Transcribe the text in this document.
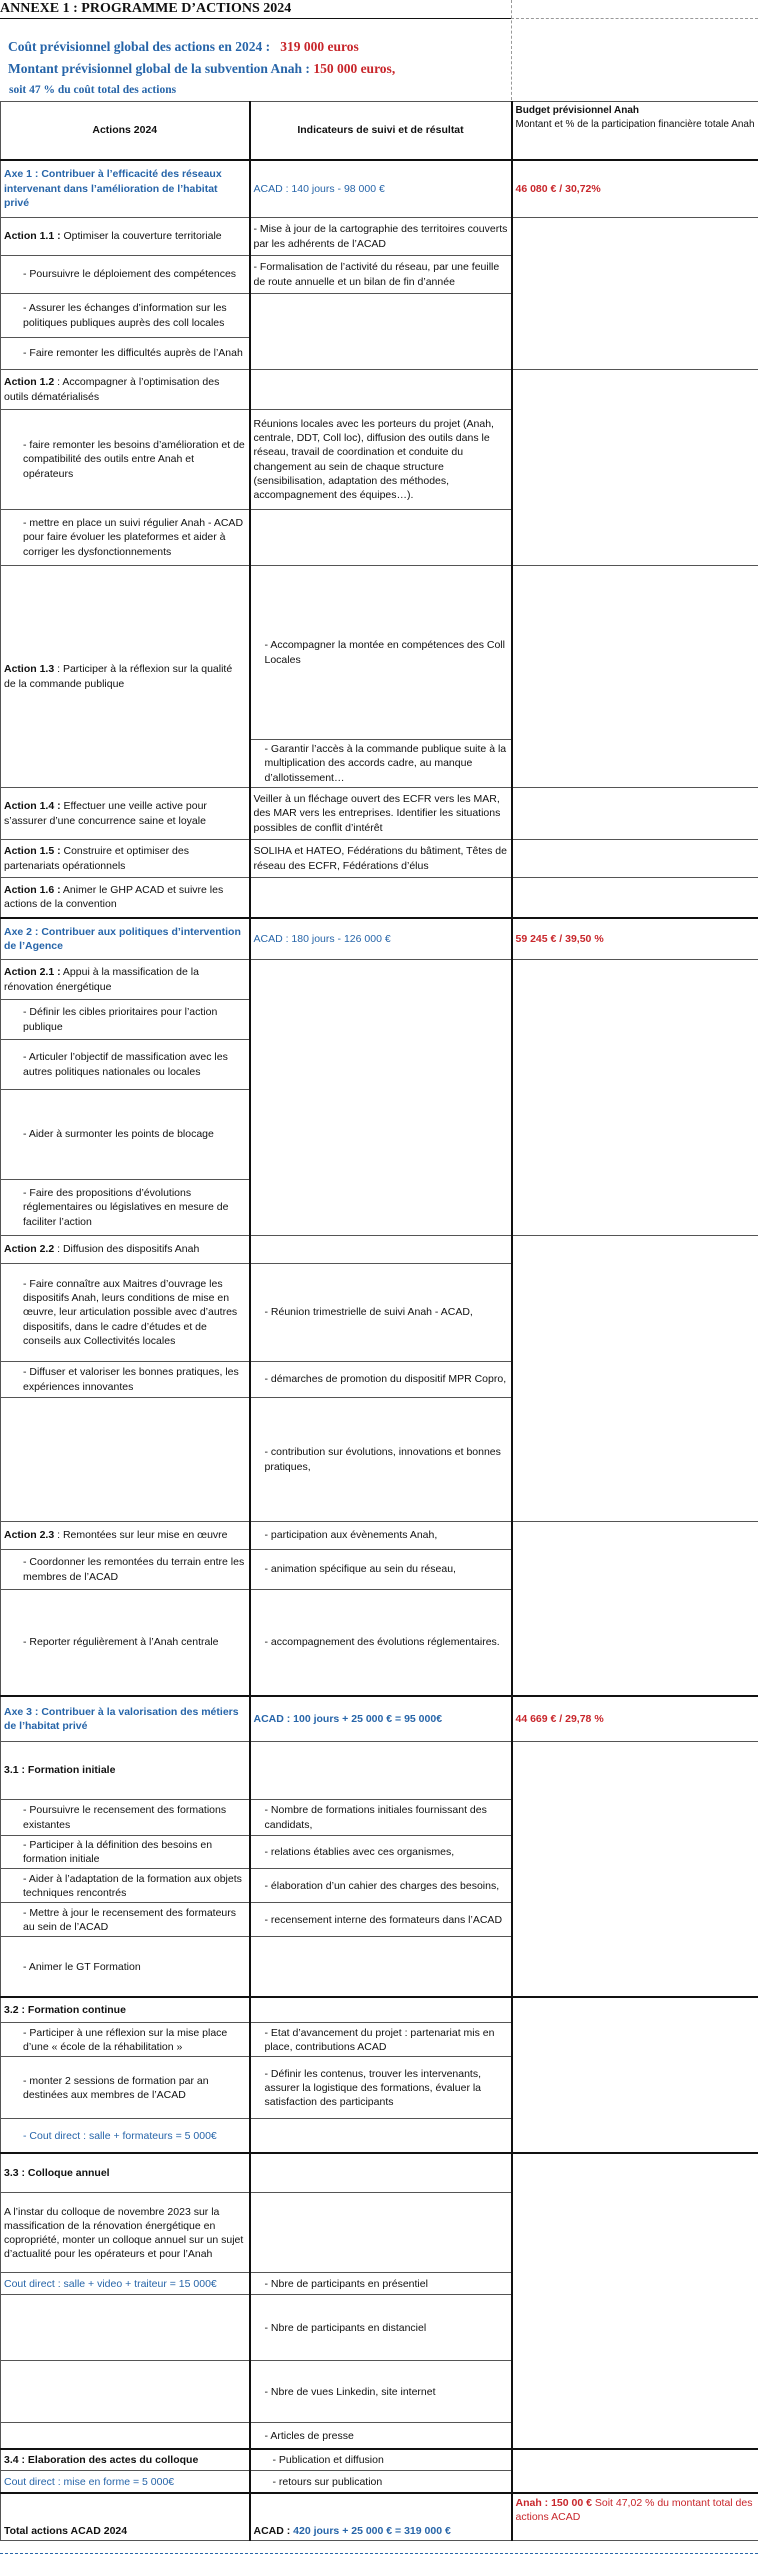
ANNEXE 1 : PROGRAMME D’ACTIONS 2024
Coût prévisionnel global des actions en 2024 : 319 000 euros
Montant prévisionnel global de la subvention Anah : 150 000 euros,
soit 47 % du coût total des actions
Actions 2024	Indicateurs de suivi et de résultat	Budget prévisionnel Anah
Montant et % de la participation financière totale Anah

Axe 1 : Contribuer à l’efficacité des réseaux intervenant dans l’amélioration de l’habitat privé	ACAD : 140 jours - 98 000 €	46 080 € / 30,72%
Action 1.1 : Optimiser la couverture territoriale	- Mise à jour de la cartographie des territoires couverts par les adhérents de l’ACAD	
- Poursuivre le déploiement des compétences	- Formalisation de l’activité du réseau, par une feuille de route annuelle et un bilan de fin d’année	
- Assurer les échanges d’information sur les politiques publiques auprès des coll locales		
- Faire remonter les difficultés auprès de l’Anah		
Action 1.2 : Accompagner à l’optimisation des outils dématérialisés		
- faire remonter les besoins d’amélioration et de compatibilité des outils entre Anah et opérateurs	Réunions locales avec les porteurs du projet (Anah, centrale, DDT, Coll loc), diffusion des outils dans le réseau, travail de coordination et conduite du changement au sein de chaque structure (sensibilisation, adaptation des méthodes, accompagnement des équipes…).	
- mettre en place un suivi régulier Anah - ACAD pour faire évoluer les plateformes et aider à corriger les dysfonctionnements		
Action 1.3 : Participer à la réflexion sur la qualité de la commande publique	- Accompagner la montée en compétences des Coll Locales	
	- Garantir l’accès à la commande publique suite à la multiplication des accords cadre, au manque d’allotissement…	
Action 1.4 : Effectuer une veille active pour s’assurer d’une concurrence saine et loyale	Veiller à un fléchage ouvert des ECFR vers les MAR, des MAR vers les entreprises. Identifier les situations possibles de conflit d’intérêt	
Action 1.5 : Construire et optimiser des partenariats opérationnels	SOLIHA et HATEO, Fédérations du bâtiment, Têtes de réseau des ECFR, Fédérations d’élus	
Action 1.6 : Animer le GHP ACAD et suivre les actions de la convention		
Axe 2 : Contribuer aux politiques d’intervention de l’Agence	ACAD : 180 jours - 126 000 €	59 245 € / 39,50 %
Action 2.1 : Appui à la massification de la rénovation énergétique		
- Définir les cibles prioritaires pour l’action publique		
- Articuler l’objectif de massification avec les autres politiques nationales ou locales		
- Aider à surmonter les points de blocage		
- Faire des propositions d’évolutions réglementaires ou législatives en mesure de faciliter l’action		
Action 2.2 : Diffusion des dispositifs Anah		
- Faire connaître aux Maitres d’ouvrage les dispositifs Anah, leurs conditions de mise en œuvre, leur articulation possible avec d’autres dispositifs, dans le cadre d’études et de conseils aux Collectivités locales	- Réunion trimestrielle de suivi Anah - ACAD,	
- Diffuser et valoriser les bonnes pratiques, les expériences innovantes	- démarches de promotion du dispositif MPR Copro,	
	- contribution sur évolutions, innovations et bonnes pratiques,	
Action 2.3 : Remontées sur leur mise en œuvre	- participation aux évènements Anah,	
- Coordonner les remontées du terrain entre les membres de l’ACAD	- animation spécifique au sein du réseau,	
- Reporter régulièrement à l’Anah centrale	- accompagnement des évolutions réglementaires.	
Axe 3 : Contribuer à la valorisation des métiers de l’habitat privé	ACAD : 100 jours + 25 000 € = 95 000€	44 669 € / 29,78 %
3.1 : Formation initiale		
- Poursuivre le recensement des formations existantes	- Nombre de formations initiales fournissant des candidats,	
- Participer à la définition des besoins en formation initiale	- relations établies avec ces organismes,	
- Aider à l’adaptation de la formation aux objets techniques rencontrés	- élaboration d’un cahier des charges des besoins,	
- Mettre à jour le recensement des formateurs au sein de l’ACAD	- recensement interne des formateurs dans l’ACAD	
- Animer le GT Formation		
3.2 : Formation continue		
- Participer à une réflexion sur la mise place d’une « école de la réhabilitation »	- Etat d’avancement du projet : partenariat mis en place, contributions ACAD	
- monter 2 sessions de formation par an destinées aux membres de l’ACAD	- Définir les contenus, trouver les intervenants, assurer la logistique des formations, évaluer la satisfaction des participants	
- Cout direct : salle + formateurs = 5 000€		
3.3 : Colloque annuel		
A l’instar du colloque de novembre 2023 sur la massification de la rénovation énergétique en copropriété, monter un colloque annuel sur un sujet d’actualité pour les opérateurs et pour l’Anah		
Cout direct : salle + video + traiteur = 15 000€	- Nbre de participants en présentiel	
	- Nbre de participants en distanciel	
	- Nbre de vues Linkedin, site internet	
	- Articles de presse	
3.4 : Elaboration des actes du colloque	- Publication et diffusion	
Cout direct : mise en forme = 5 000€	- retours sur publication	
Total actions ACAD 2024	ACAD : 420 jours + 25 000 € = 319 000 €	Anah : 150 00 € Soit 47,02 % du montant total des actions ACAD
